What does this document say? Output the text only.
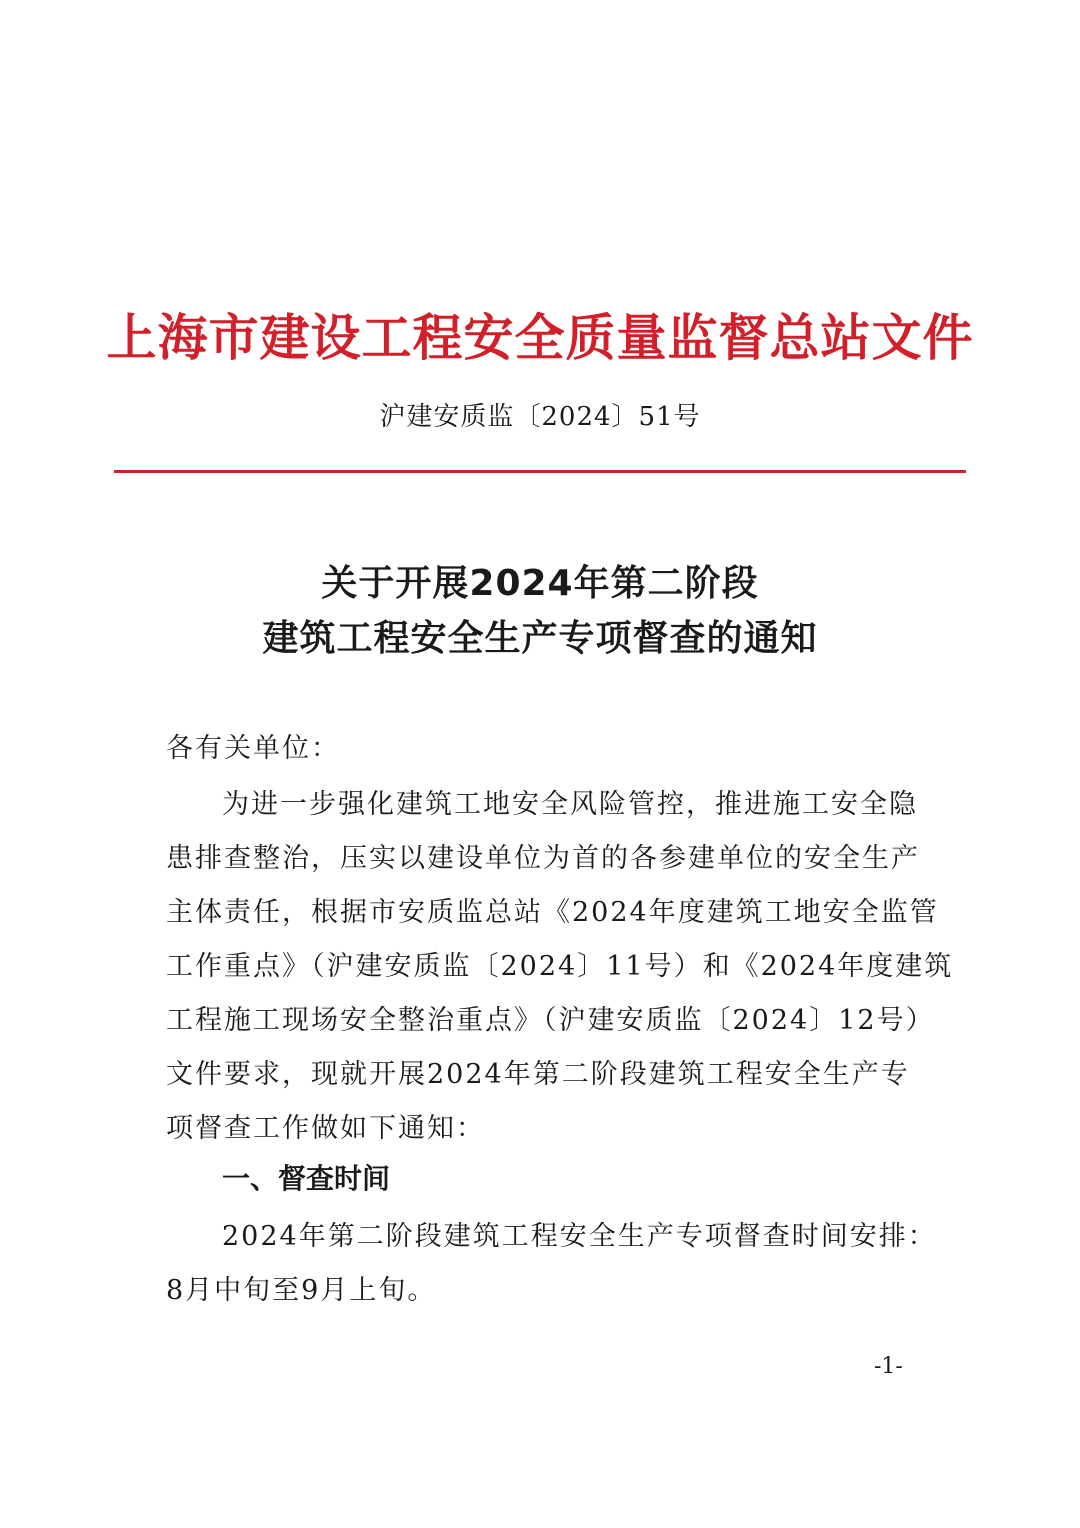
上海市建设工程安全质量监督总站文件
沪建安质监〔2024〕51号
关于开展2024年第二阶段
建筑工程安全生产专项督查的通知
各有关单位：
为进一步强化建筑工地安全风险管控，推进施工安全隐
患排查整治，压实以建设单位为首的各参建单位的安全生产
主体责任，根据市安质监总站《2024年度建筑工地安全监管
工作重点》（沪建安质监〔2024〕11号）和《2024年度建筑
工程施工现场安全整治重点》（沪建安质监〔2024〕12号）
文件要求，现就开展2024年第二阶段建筑工程安全生产专
项督查工作做如下通知：
一、督查时间
2024年第二阶段建筑工程安全生产专项督查时间安排：
8月中旬至9月上旬。
-1-
